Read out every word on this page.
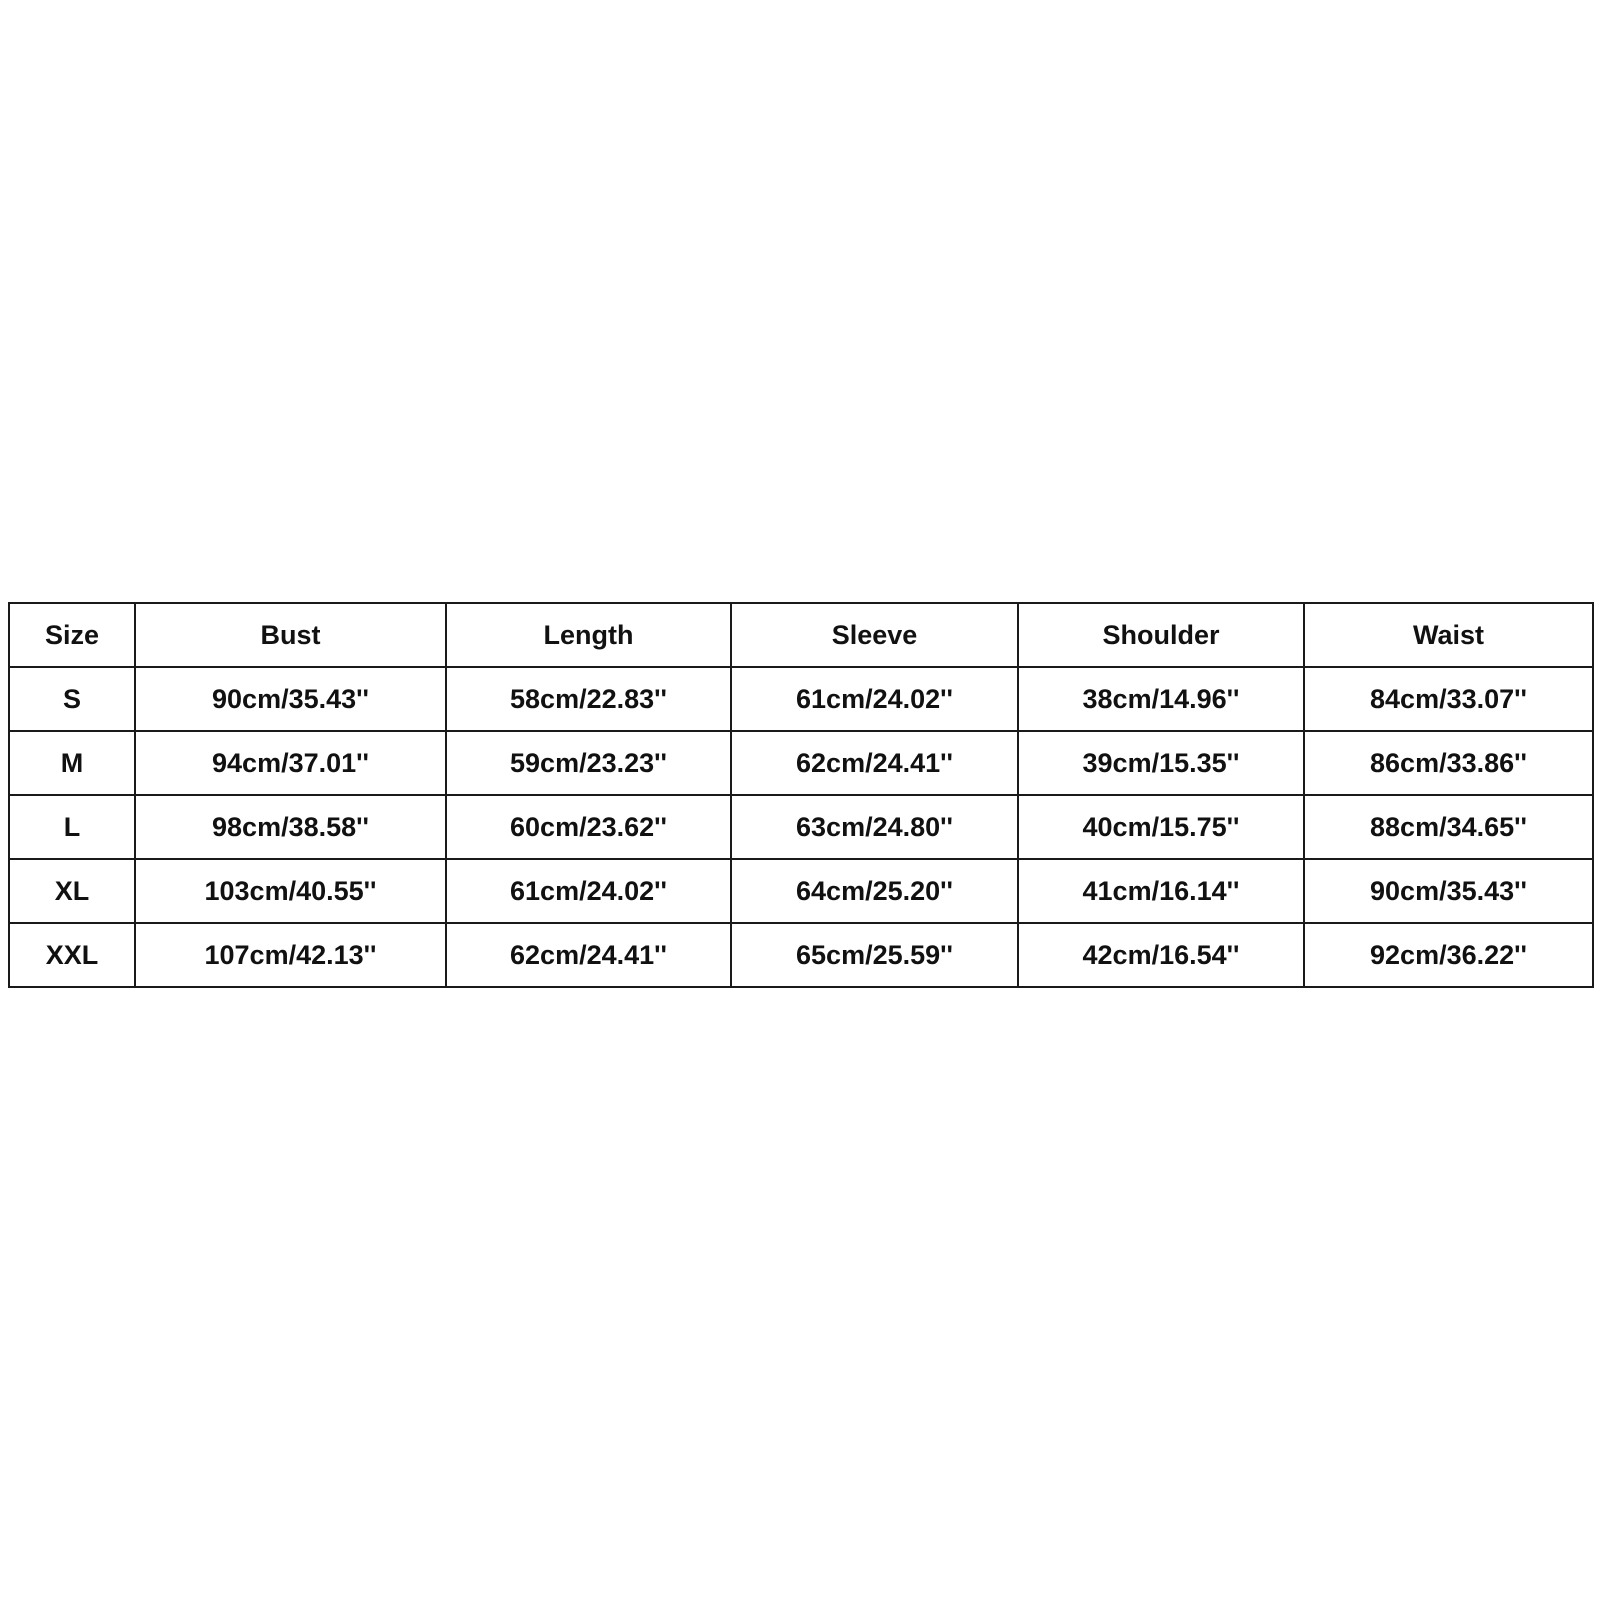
Size	Bust	Length	Sleeve	Shoulder	Waist
S	90cm/35.43''	58cm/22.83''	61cm/24.02''	38cm/14.96''	84cm/33.07''
M	94cm/37.01''	59cm/23.23''	62cm/24.41''	39cm/15.35''	86cm/33.86''
L	98cm/38.58''	60cm/23.62''	63cm/24.80''	40cm/15.75''	88cm/34.65''
XL	103cm/40.55''	61cm/24.02''	64cm/25.20''	41cm/16.14''	90cm/35.43''
XXL	107cm/42.13''	62cm/24.41''	65cm/25.59''	42cm/16.54''	92cm/36.22''
